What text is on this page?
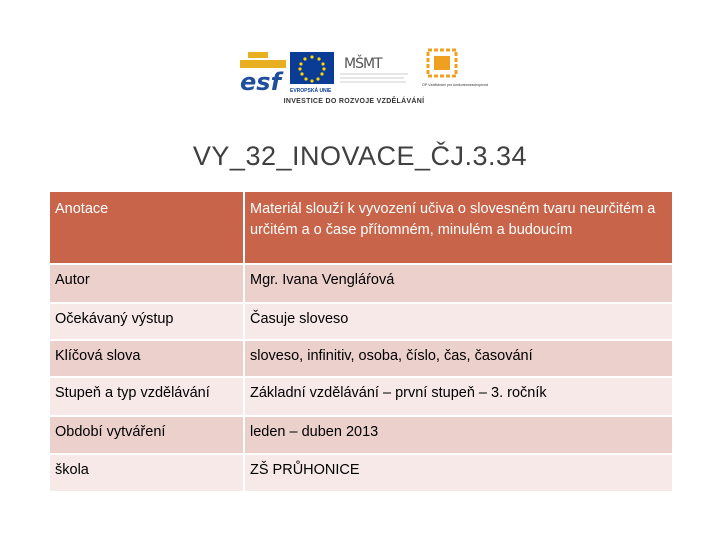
esf	EVROPSKÁ UNIE
MŠMT
OP Vzdělávání pro konkurenceschopnost
INVESTICE DO ROZVOJE VZDĚLÁVÁNÍ
VY_32_INOVACE_ČJ.3.34
Anotace	Materiál slouží k vyvození učiva o slovesném tvaru neurčitém a určitém a o čase přítomném, minulém a budoucím
Autor	Mgr. Ivana Vengláŕová
Očekávaný výstup	Časuje sloveso
Klíčová slova	sloveso, infinitiv, osoba, číslo, čas, časování
Stupeň a typ vzdělávání	Základní vzdělávání – první stupeň – 3. ročník
Období vytváření	leden – duben 2013
škola	ZŠ PRŮHONICE
